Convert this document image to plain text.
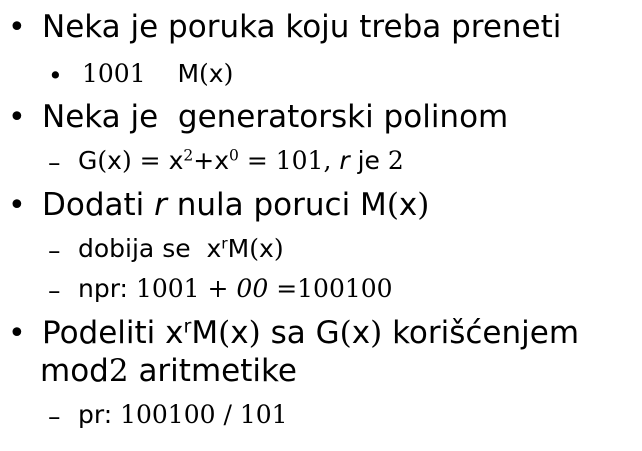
• Neka je poruka koju treba preneti
• 1001 M(x)
• Neka je  generatorski polinom
– $G(x) = x^2+x^0 = 101$, r je 2
• Dodati r nula poruci M(x)
– dobija se  $x^rM(x)$
– npr: 1001 + 00 =100100
• Podeliti $x^rM(x)$ sa G(x) korišćenjem
mod2 aritmetike
– pr: 100100 / 101
